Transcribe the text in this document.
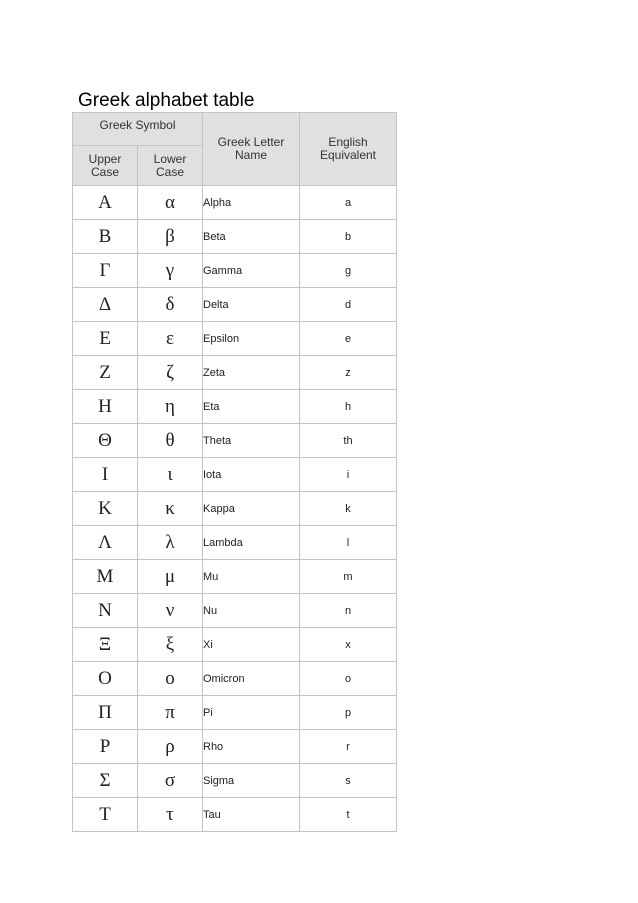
Greek alphabet table
Greek Symbol		Greek Letter Name	English Equivalent
Upper Case	Lower Case		
Α	α	Alpha	a
Β	β	Beta	b
Γ	γ	Gamma	g
Δ	δ	Delta	d
Ε	ε	Epsilon	e
Ζ	ζ	Zeta	z
Η	η	Eta	h
Θ	θ	Theta	th
Ι	ι	Iota	i
Κ	κ	Kappa	k
Λ	λ	Lambda	l
Μ	μ	Mu	m
Ν	ν	Nu	n
Ξ	ξ	Xi	x
Ο	ο	Omicron	o
Π	π	Pi	p
Ρ	ρ	Rho	r
Σ	σ	Sigma	s
Τ	τ	Tau	t
